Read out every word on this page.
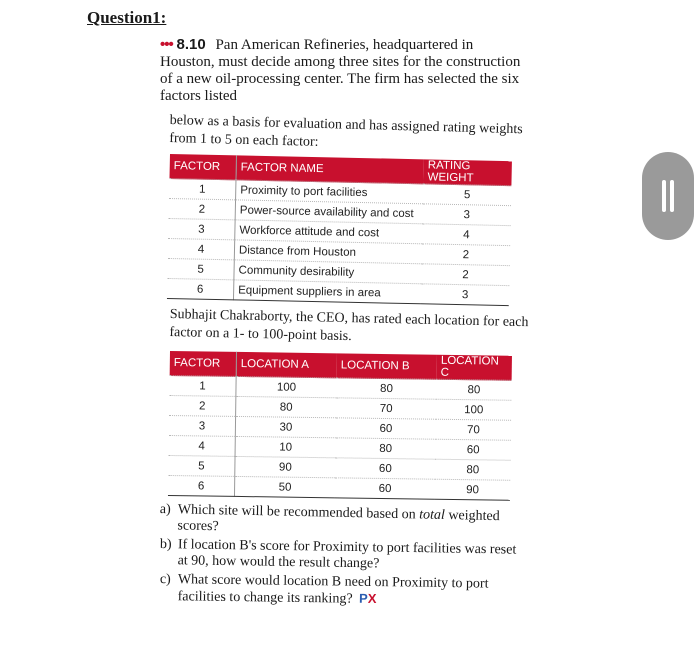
Question1:
••• 8.10 Pan American Refineries, headquartered in Houston, must decide among three sites for the construction of a new oil-processing center. The firm has selected the six factors listed
below as a basis for evaluation and has assigned rating weights from 1 to 5 on each factor:
FACTOR	FACTOR NAME	RATING WEIGHT
1	Proximity to port facilities	5
2	Power-source availability and cost	3
3	Workforce attitude and cost	4
4	Distance from Houston	2
5	Community desirability	2
6	Equipment suppliers in area	3
Subhajit Chakraborty, the CEO, has rated each location for each factor on a 1- to 100-point basis.
FACTOR	LOCATION A	LOCATION B	LOCATION C
1	100	80	80
2	80	70	100
3	30	60	70
4	10	80	60
5	90	60	80
6	50	60	90
a) Which site will be recommended based on total weighted scores?
b) If location B's score for Proximity to port facilities was reset at 90, how would the result change?
c) What score would location B need on Proximity to port facilities to change its ranking? PX
